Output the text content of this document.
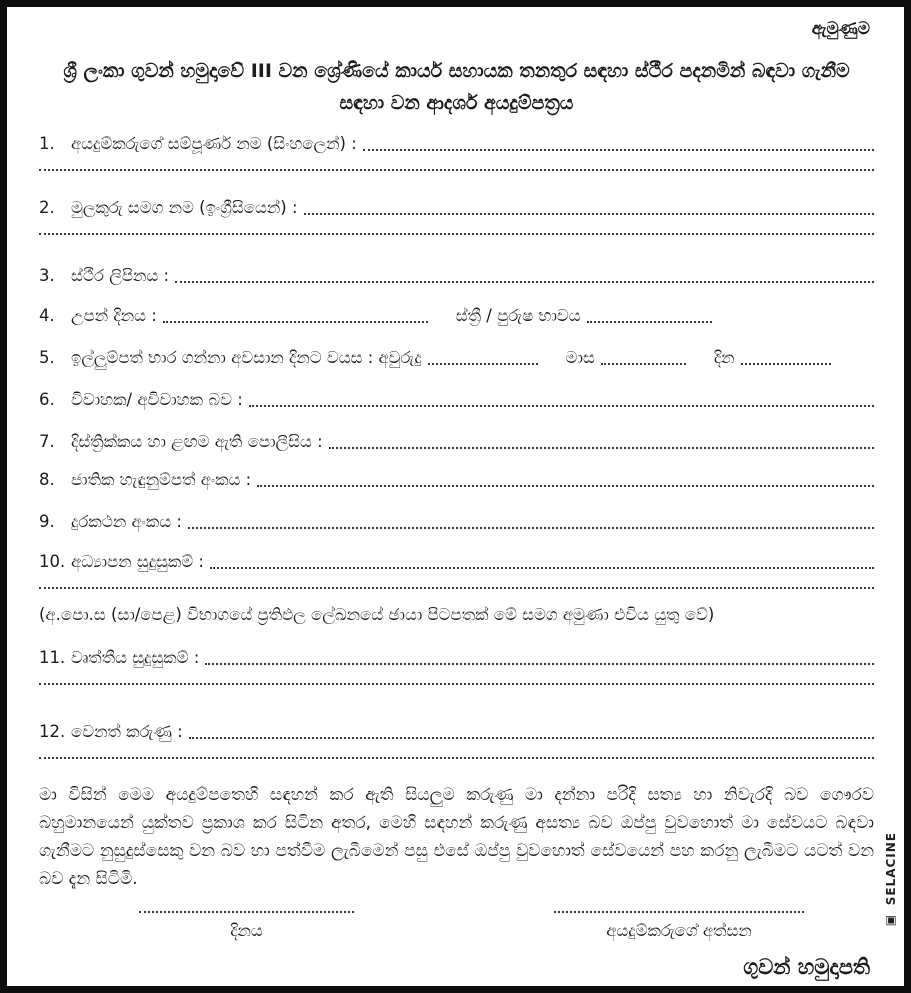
ඇමුණුම
ශ්‍රී ලංකා ගුවන් හමුදාවේ III වන ශ්‍රේණියේ කාර්ය සහායක තනතුර සඳහා ස්ථීර පදනමින් බඳවා ගැනීම
සඳහා වන ආදර්ශ අයදුම්පත්‍රය
1. අයදුම්කරුගේ සම්පූර්ණ නම (සිංහලෙන්) :
2. මුලකුරු සමග නම (ඉංග්‍රීසියෙන්) :
3. ස්ථීර ලිපිනය :
4. උපන් දිනය :	ස්ත්‍රී / පුරුෂ භාවය
5. ඉල්ලුම්පත් භාර ගන්නා අවසාන දිනට වයස : අවුරුදු	මාස	දින
6. විවාහක/ අවිවාහක බව :
7. දිස්ත්‍රික්කය හා ළඟම ඇති පොලීසිය :
8. ජාතික හැඳුනුම්පත් අංකය :
9. දුරකථන අංකය :
10. අධ්‍යාපන සුදුසුකම් :
(අ.පො.ස (සා/පෙළ) විභාගයේ ප්‍රතිඵල ලේඛනයේ ඡායා පිටපතක් මේ සමග අමුණා එවිය යුතු වේ)
11. වෘත්තීය සුදුසුකම් :
12. වෙනත් කරුණු :
මා විසින් මෙම අයදුම්පතෙහි සඳහන් කර ඇති සියලුම කරුණු මා දන්නා පරිදි සත්‍ය හා නිවැරදි බව ගෞරව බහුමානයෙන් යුක්තව ප්‍රකාශ කර සිටින අතර, මෙහි සඳහන් කරුණු අසත්‍ය බව ඔප්පු වුවහොත් මා සේවයට බඳවා ගැනීමට නුසුදුස්සෙකු වන බව හා පත්වීම ලැබීමෙන් පසු එසේ ඔප්පු වුවහොත් සේවයෙන් පහ කරනු ලැබීමට යටත් වන බව දැන සිටිමි.
දිනය	අයදුම්කරුගේ අත්සන
ගුවන් හමුදාපති
▣ SELACINE
